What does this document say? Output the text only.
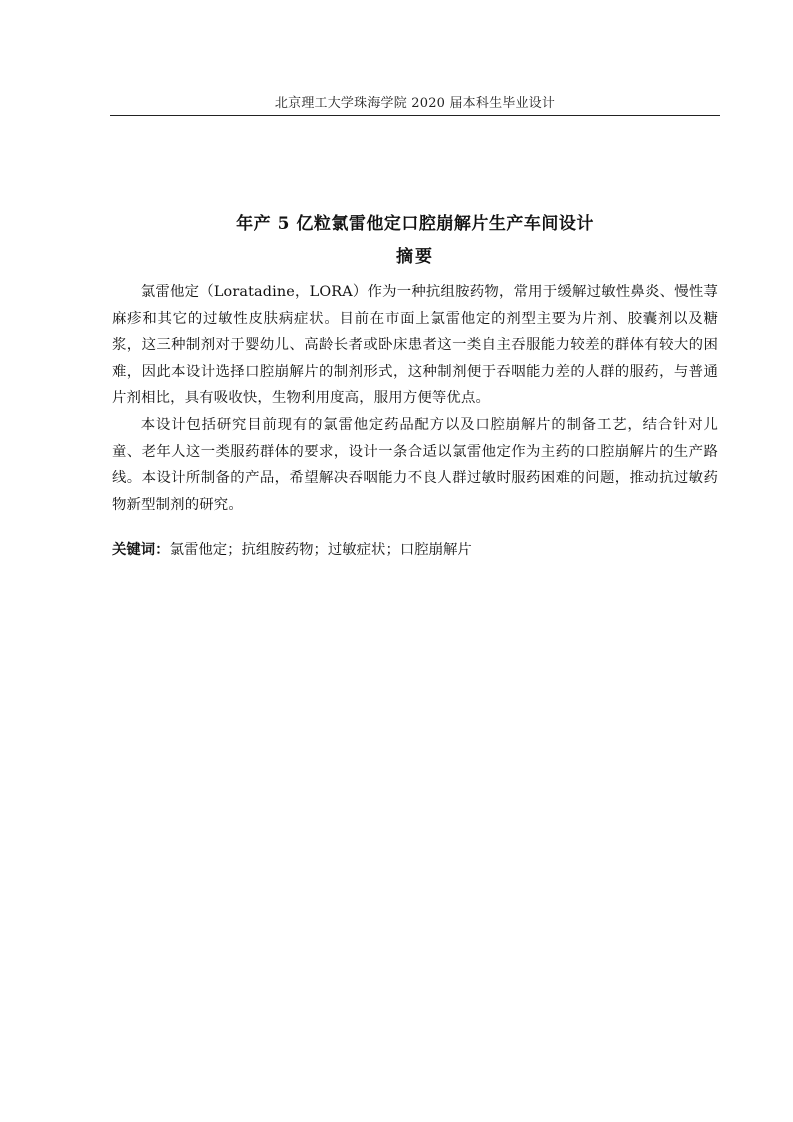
北京理工大学珠海学院 2020 届本科生毕业设计
年产 5 亿粒氯雷他定口腔崩解片生产车间设计
摘要

氯雷他定（Loratadine，LORA）作为一种抗组胺药物，常用于缓解过敏性鼻炎、慢性荨麻疹和其它的过敏性皮肤病症状。目前在市面上氯雷他定的剂型主要为片剂、胶囊剂以及糖浆，这三种制剂对于婴幼儿、高龄长者或卧床患者这一类自主吞服能力较差的群体有较大的困难，因此本设计选择口腔崩解片的制剂形式，这种制剂便于吞咽能力差的人群的服药，与普通片剂相比，具有吸收快，生物利用度高，服用方便等优点。

本设计包括研究目前现有的氯雷他定药品配方以及口腔崩解片的制备工艺，结合针对儿童、老年人这一类服药群体的要求，设计一条合适以氯雷他定作为主药的口腔崩解片的生产路线。本设计所制备的产品，希望解决吞咽能力不良人群过敏时服药困难的问题，推动抗过敏药物新型制剂的研究。

关键词：氯雷他定；抗组胺药物；过敏症状；口腔崩解片
